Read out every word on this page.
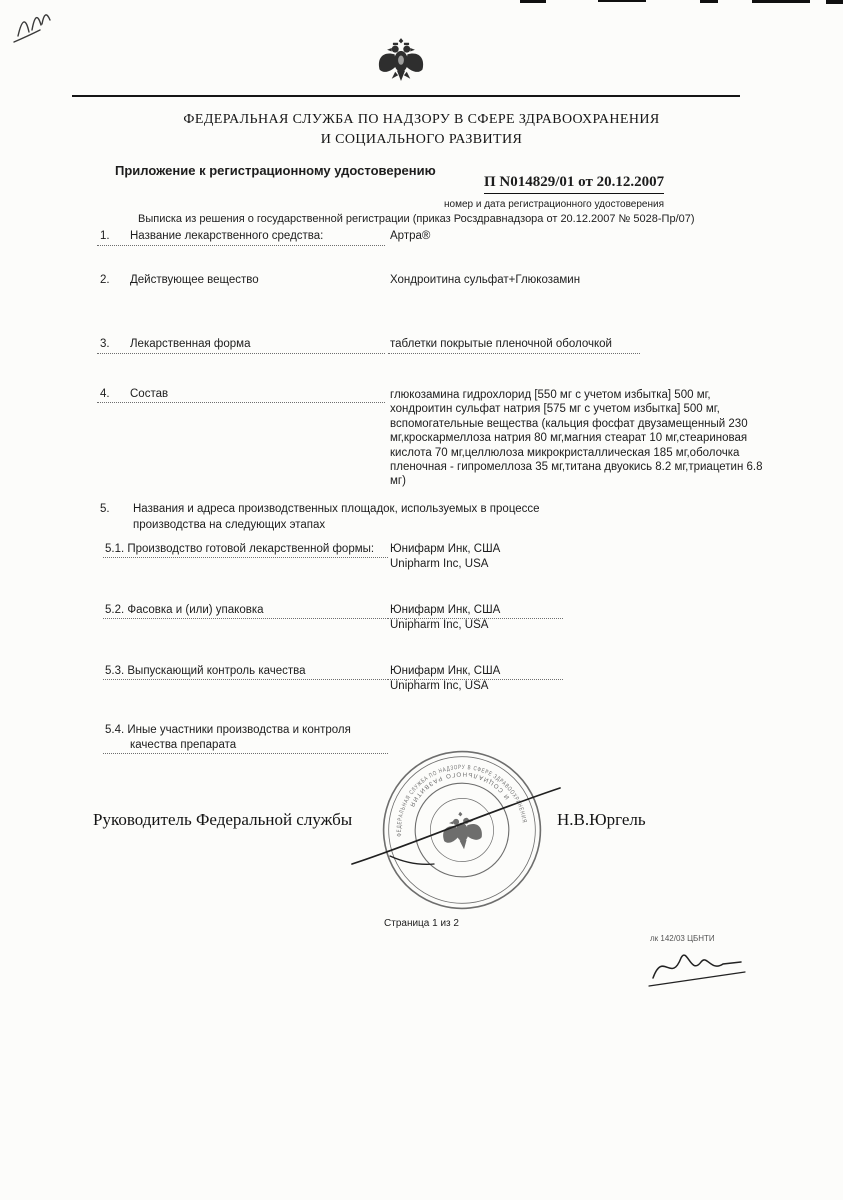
ФЕДЕРАЛЬНАЯ СЛУЖБА ПО НАДЗОРУ В СФЕРЕ ЗДРАВООХРАНЕНИЯ
И СОЦИАЛЬНОГО РАЗВИТИЯ
Приложение к регистрационному удостоверению
П N014829/01 от 20.12.2007
номер и дата регистрационного удостоверения
Выписка из решения о государственной регистрации (приказ Росздравнадзора от 20.12.2007 № 5028-Пр/07)
1. Название лекарственного средства:	Артра®
2. Действующее вещество	Хондроитина сульфат+Глюкозамин
3. Лекарственная форма	таблетки покрытые пленочной оболочкой
4. Состав	глюкозамина гидрохлорид [550 мг с учетом избытка] 500 мг, хондроитин сульфат натрия [575 мг с учетом избытка] 500 мг, вспомогательные вещества (кальция фосфат двузамещенный 230 мг,кроскармеллоза натрия 80 мг,магния стеарат 10 мг,стеариновая кислота 70 мг,целлюлоза микрокристаллическая 185 мг,оболочка пленочная - гипромеллоза 35 мг,титана двуокись 8.2 мг,триацетин 6.8 мг)
5. Названия и адреса производственных площадок, используемых в процессе
производства на следующих этапах
5.1. Производство готовой лекарственной формы: Юнифарм Инк, США
Unipharm Inc, USA
5.2. Фасовка и (или) упаковка	Юнифарм Инк, США
Unipharm Inc, USA
5.3. Выпускающий контроль качества	Юнифарм Инк, США
Unipharm Inc, USA
5.4. Иные участники производства и контроля
качества препарата
Руководитель Федеральной службы	Н.В.Юргель
ФЕДЕРАЛЬНАЯ СЛУЖБА ПО НАДЗОРУ В СФЕРЕ ЗДРАВООХРАНЕНИЯ
И СОЦИАЛЬНОГО РАЗВИТИЯ
Страница 1 из 2
лк 142/03 ЦБНТИ
